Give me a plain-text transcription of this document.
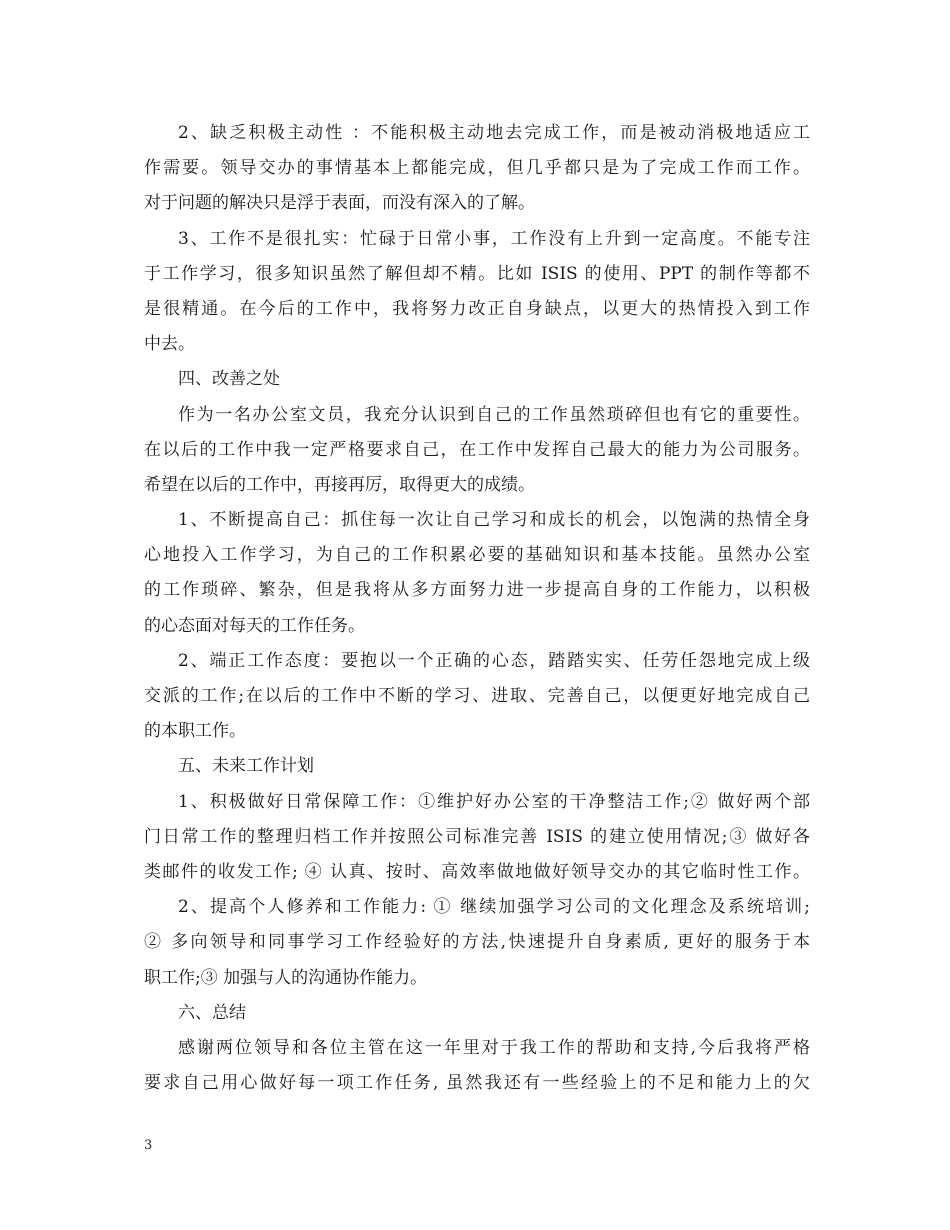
2、缺乏积极主动性 ：不能积极主动地去完成工作，而是被动消极地适应工
作需要。领导交办的事情基本上都能完成，但几乎都只是为了完成工作而工作。
对于问题的解决只是浮于表面，而没有深入的了解。
3、工作不是很扎实：忙碌于日常小事，工作没有上升到一定高度。不能专注
于工作学习，很多知识虽然了解但却不精。比如 ISIS 的使用、PPT 的制作等都不
是很精通。在今后的工作中，我将努力改正自身缺点，以更大的热情投入到工作
中去。
四、改善之处
作为一名办公室文员，我充分认识到自己的工作虽然琐碎但也有它的重要性。
在以后的工作中我一定严格要求自己，在工作中发挥自己最大的能力为公司服务。
希望在以后的工作中，再接再厉，取得更大的成绩。
1、不断提高自己：抓住每一次让自己学习和成长的机会，以饱满的热情全身
心地投入工作学习，为自己的工作积累必要的基础知识和基本技能。虽然办公室
的工作琐碎、繁杂，但是我将从多方面努力进一步提高自身的工作能力，以积极
的心态面对每天的工作任务。
2、端正工作态度：要抱以一个正确的心态，踏踏实实、任劳任怨地完成上级
交派的工作;在以后的工作中不断的学习、进取、完善自己，以便更好地完成自己
的本职工作。
五、未来工作计划
1、积极做好日常保障工作：①维护好办公室的干净整洁工作;② 做好两个部
门日常工作的整理归档工作并按照公司标准完善 ISIS 的建立使用情况;③ 做好各
类邮件的收发工作; ④ 认真、按时、高效率做地做好领导交办的其它临时性工作。
2、提高个人修养和工作能力: ① 继续加强学习公司的文化理念及系统培训;
② 多向领导和同事学习工作经验好的方法,快速提升自身素质, 更好的服务于本
职工作;③ 加强与人的沟通协作能力。
六、总结
感谢两位领导和各位主管在这一年里对于我工作的帮助和支持,今后我将严格
要求自己用心做好每一项工作任务, 虽然我还有一些经验上的不足和能力上的欠
3
